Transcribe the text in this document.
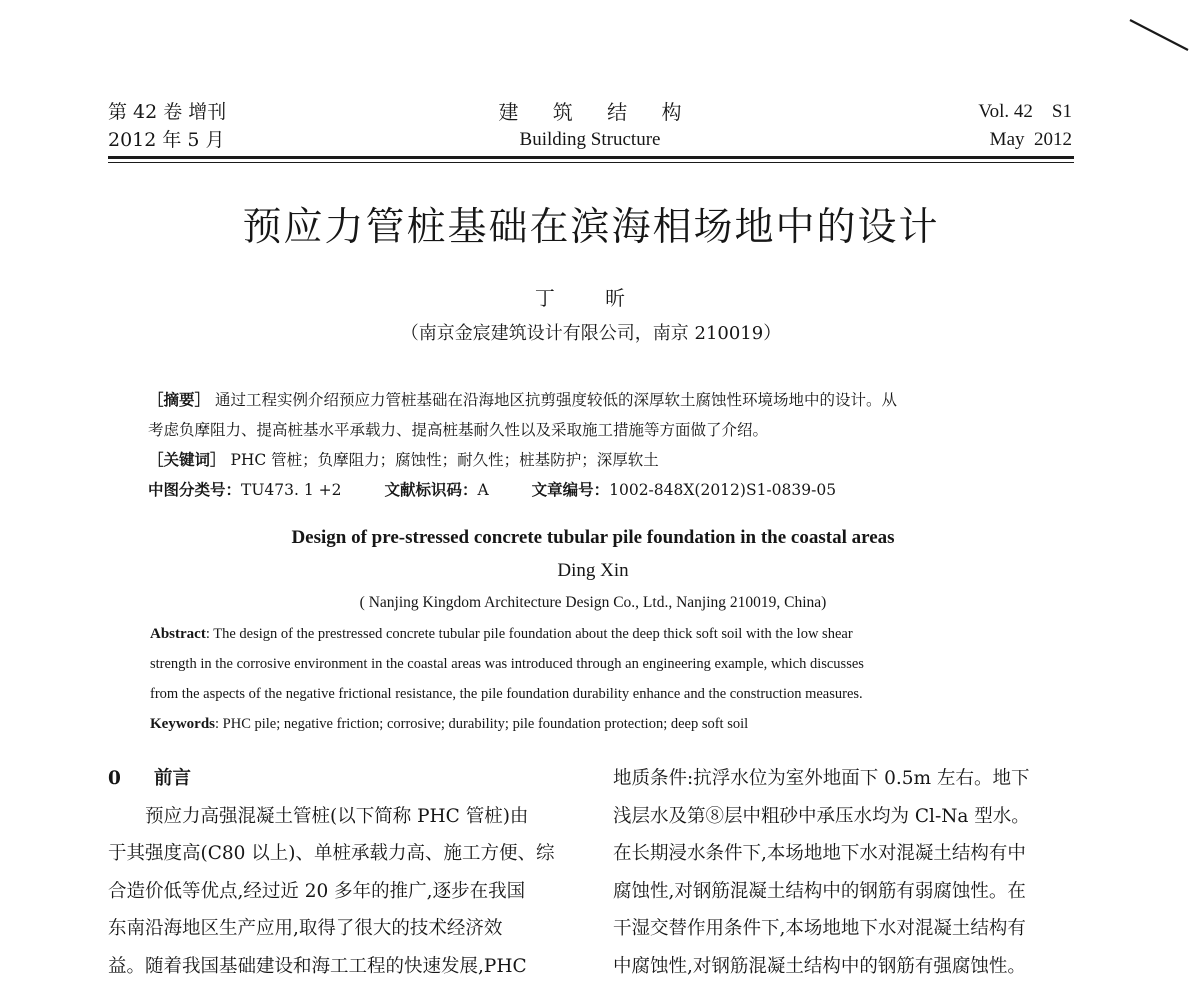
第 42 卷 增刊
2012 年 5 月
建 筑 结 构
Building Structure
Vol. 42    S1
May  2012
预应力管桩基础在滨海相场地中的设计
丁 昕
（南京金宸建筑设计有限公司，南京 210019）

［摘要］ 通过工程实例介绍预应力管桩基础在沿海地区抗剪强度较低的深厚软土腐蚀性环境场地中的设计。从

考虑负摩阻力、提高桩基水平承载力、提高桩基耐久性以及采取施工措施等方面做了介绍。

［关键词］ PHC 管桩；负摩阻力；腐蚀性；耐久性；桩基防护；深厚软土

中图分类号：TU473. 1 +2	文献标识码：A	文章编号：1002-848X(2012)S1-0839-05

Design of pre-stressed concrete tubular pile foundation in the coastal areas
Ding Xin
( Nanjing Kingdom Architecture Design Co., Ltd., Nanjing 210019, China)

Abstract: The design of the prestressed concrete tubular pile foundation about the deep thick soft soil with the low shear

strength in the corrosive environment in the coastal areas was introduced through an engineering example, which discusses

from the aspects of the negative frictional resistance, the pile foundation durability enhance and the construction measures.

Keywords: PHC pile; negative friction; corrosive; durability; pile foundation protection; deep soft soil

0 前言

预应力高强混凝土管桩(以下简称 PHC 管桩)由

于其强度高(C80 以上)、单桩承载力高、施工方便、综

合造价低等优点,经过近 20 多年的推广,逐步在我国

东南沿海地区生产应用,取得了很大的技术经济效

益。随着我国基础建设和海工工程的快速发展,PHC

地质条件:抗浮水位为室外地面下 0.5m 左右。地下

浅层水及第⑧层中粗砂中承压水均为 Cl-Na 型水。

在长期浸水条件下,本场地地下水对混凝土结构有中

腐蚀性,对钢筋混凝土结构中的钢筋有弱腐蚀性。在

干湿交替作用条件下,本场地地下水对混凝土结构有

中腐蚀性,对钢筋混凝土结构中的钢筋有强腐蚀性。
